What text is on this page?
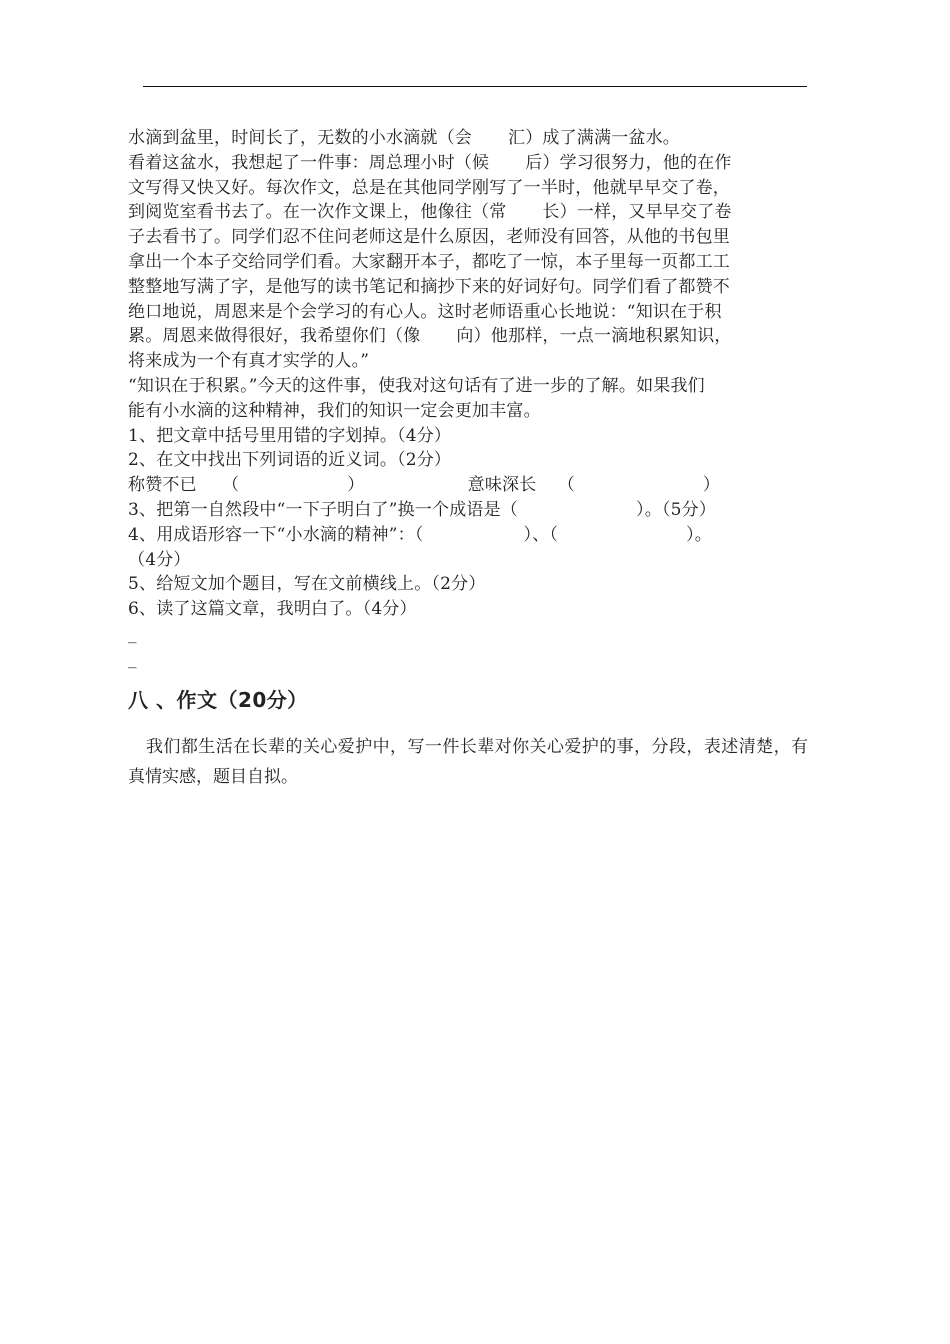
水滴到盆里，时间长了，无数的小水滴就（会 汇）成了满满一盆水。
看着这盆水，我想起了一件事：周总理小时（候 后）学习很努力，他的在作
文写得又快又好。每次作文，总是在其他同学刚写了一半时，他就早早交了卷，
到阅览室看书去了。在一次作文课上，他像往（常 长）一样，又早早交了卷
子去看书了。同学们忍不住问老师这是什么原因，老师没有回答，从他的书包里
拿出一个本子交给同学们看。大家翻开本子，都吃了一惊，本子里每一页都工工
整整地写满了字，是他写的读书笔记和摘抄下来的好词好句。同学们看了都赞不
绝口地说，周恩来是个会学习的有心人。这时老师语重心长地说：“知识在于积
累。周恩来做得很好，我希望你们（像 向）他那样，一点一滴地积累知识，
将来成为一个有真才实学的人。”
“知识在于积累。”今天的这件事，使我对这句话有了进一步的了解。如果我们
能有小水滴的这种精神，我们的知识一定会更加丰富。
1、把文章中括号里用错的字划掉。（4分）
2、在文中找出下列词语的近义词。（2分）
称赞不已 （	）	意味深长 （	）
3、把第一自然段中“一下子明白了”换一个成语是（	）。（5分）
4、用成语形容一下“小水滴的精神”：（	）、（	）。
（4分）
5、给短文加个题目，写在文前横线上。（2分）
6、读了这篇文章，我明白了。（4分）
_
_
八 、作文（20分）
我们都生活在长辈的关心爱护中，写一件长辈对你关心爱护的事，分段，表述清楚，有真情实感，题目自拟。
